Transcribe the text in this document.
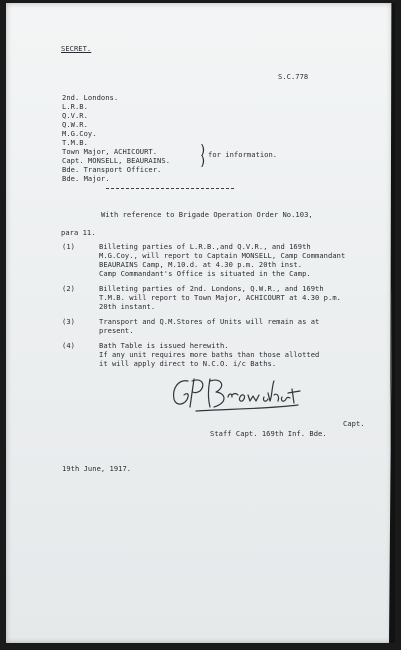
SECRET.
S.C.778
2nd. Londons.
L.R.B.
Q.V.R.
Q.W.R.
M.G.Coy.
T.M.B.
Town Major, ACHICOURT.
Capt. MONSELL, BEAURAINS.
Bde. Transport Officer.
Bde. Major.
)
) for information.
With reference to Brigade Operation Order No.103,
para 11.
(1)	Billeting parties of L.R.B.,and Q.V.R., and 169th
M.G.Coy., will report to Captain MONSELL, Camp Commandant
BEAURAINS Camp, M.10.d. at 4.30 p.m. 20th inst.
Camp Commandant's Office is situated in the Camp.
(2)	Billeting parties of 2nd. Londons, Q.W.R., and 169th
T.M.B. will report to Town Major, ACHICOURT at 4.30 p.m.
20th instant.
(3)	Transport and Q.M.Stores of Units will remain as at
present.
(4)	Bath Table is issued herewith.
If any unit requires more baths than those allotted
it will apply direct to N.C.O. i/c Baths.
Capt.
Staff Capt. 169th Inf. Bde.
19th June, 1917.
